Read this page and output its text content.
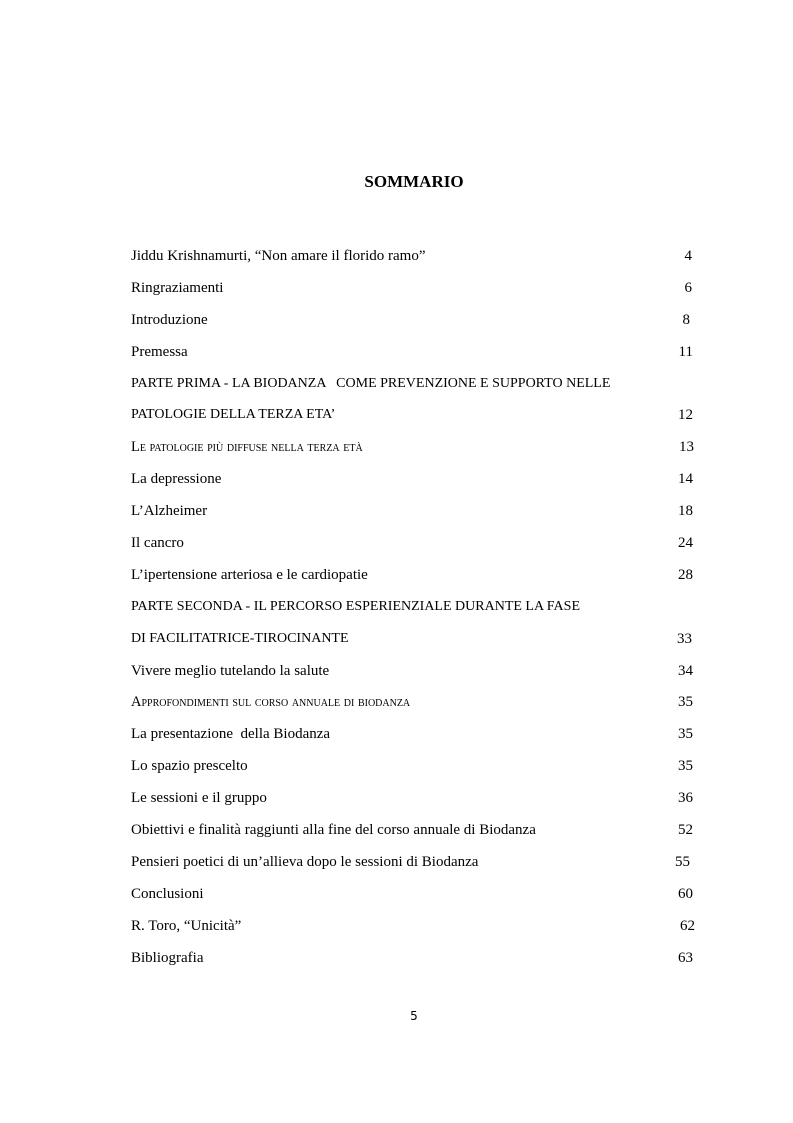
SOMMARIO
Jiddu Krishnamurti, “Non amare il florido ramo”	4
Ringraziamenti	6
Introduzione	8
Premessa	11
PARTE PRIMA - LA BIODANZA   COME PREVENZIONE E SUPPORTO NELLE
PATOLOGIE DELLA TERZA ETA’	12
Le patologie più diffuse nella terza età	13
La depressione	14
L’Alzheimer	18
Il cancro	24
L’ipertensione arteriosa e le cardiopatie	28
PARTE SECONDA - IL PERCORSO ESPERIENZIALE DURANTE LA FASE
DI FACILITATRICE-TIROCINANTE	33
Vivere meglio tutelando la salute	34
Approfondimenti sul corso annuale di biodanza	35
La presentazione  della Biodanza	35
Lo spazio prescelto	35
Le sessioni e il gruppo	36
Obiettivi e finalità raggiunti alla fine del corso annuale di Biodanza	52
Pensieri poetici di un’allieva dopo le sessioni di Biodanza	55
Conclusioni	60
R. Toro, “Unicità”	62
Bibliografia	63
5
